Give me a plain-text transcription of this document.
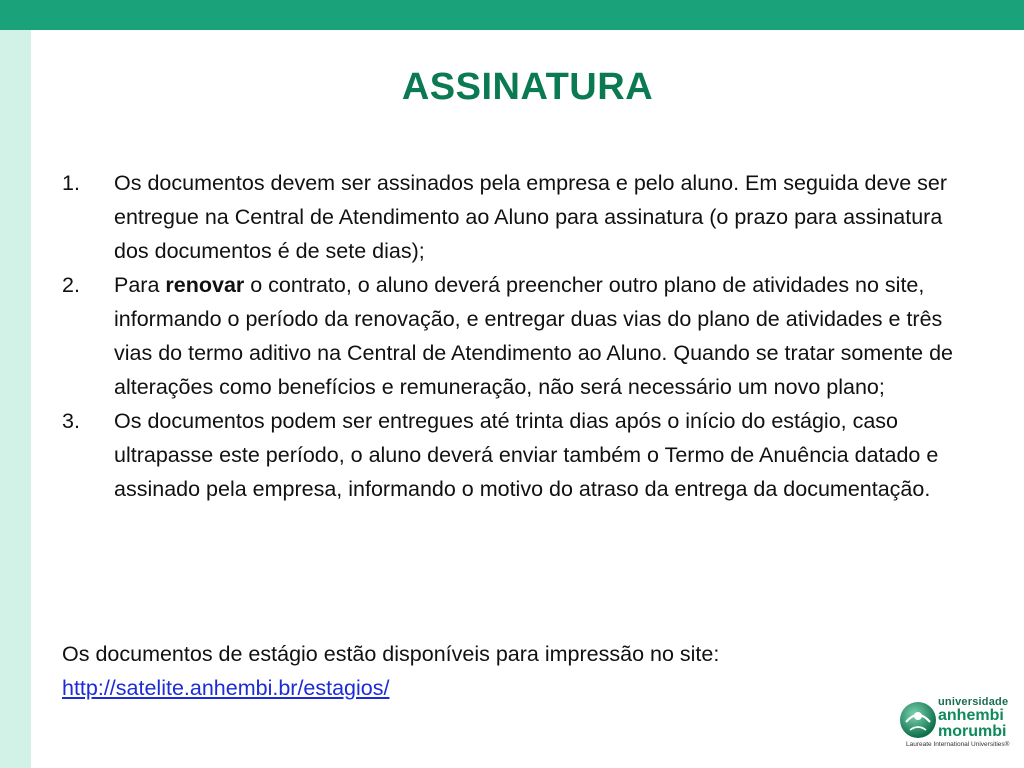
ASSINATURA
1. Os documentos devem ser assinados pela empresa e pelo aluno. Em seguida deve ser entregue na Central de Atendimento ao Aluno para assinatura (o prazo para assinatura dos documentos é de sete dias);
2. Para renovar o contrato, o aluno deverá preencher outro plano de atividades no site, informando o período da renovação, e entregar duas vias do plano de atividades e três vias do termo aditivo na Central de Atendimento ao Aluno. Quando se tratar somente de alterações como benefícios e remuneração, não será necessário um novo plano;
3. Os documentos podem ser entregues até trinta dias após o início do estágio, caso ultrapasse este período, o aluno deverá enviar também o Termo de Anuência datado e assinado pela empresa, informando o motivo do atraso da entrega da documentação.
Os documentos de estágio estão disponíveis para impressão no site:
http://satelite.anhembi.br/estagios/
universidade
anhembi
morumbi
Laureate International Universities®
